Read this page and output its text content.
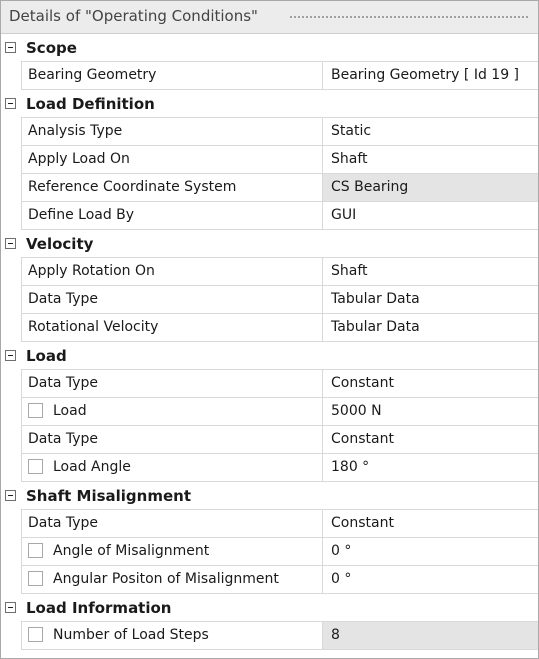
Details of "Operating Conditions"
Scope
Bearing Geometry	Bearing Geometry [ Id 19 ]
Load Definition
Analysis Type	Static
Apply Load On	Shaft
Reference Coordinate System	CS Bearing
Define Load By	GUI
Velocity
Apply Rotation On	Shaft
Data Type	Tabular Data
Rotational Velocity	Tabular Data
Load
Data Type	Constant
Load	5000 N
Data Type	Constant
Load Angle	180 °
Shaft Misalignment
Data Type	Constant
Angle of Misalignment	0 °
Angular Positon of Misalignment	0 °
Load Information
Number of Load Steps	8
